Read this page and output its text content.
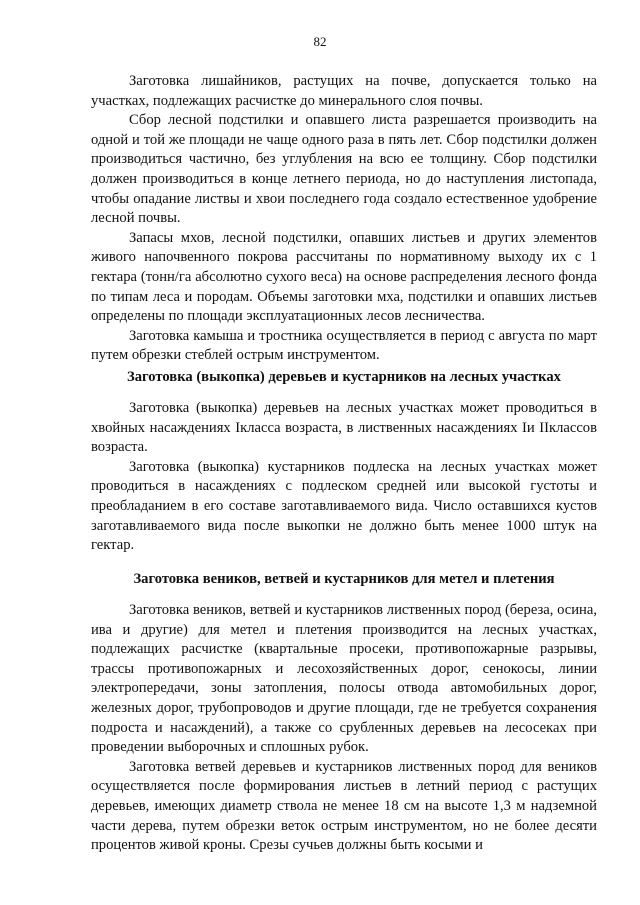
82

Заготовка лишайников, растущих на почве, допускается только на участках, подлежащих расчистке до минерального слоя почвы.

Сбор лесной подстилки и опавшего листа разрешается производить на одной и той же площади не чаще одного раза в пять лет. Сбор подстилки должен производиться частично, без углубления на всю ее толщину. Сбор подстилки должен производиться в конце летнего периода, но до наступления листопада, чтобы опадание листвы и хвои последнего года создало естественное удобрение лесной почвы.

Запасы мхов, лесной подстилки, опавших листьев и других элементов живого напочвенного покрова рассчитаны по нормативному выходу их с 1 гектара (тонн/га абсолютно сухого веса) на основе распределения лесного фонда по типам леса и породам. Объемы заготовки мха, подстилки и опавших листьев определены по площади эксплуатационных лесов лесничества.

Заготовка камыша и тростника осуществляется в период с августа по март путем обрезки стеблей острым инструментом.

Заготовка (выкопка) деревьев и кустарников на лесных участках

Заготовка (выкопка) деревьев на лесных участках может проводиться в хвойных насаждениях Iкласса возраста, в лиственных насаждениях Iи IIклассов возраста.

Заготовка (выкопка) кустарников подлеска на лесных участках может проводиться в насаждениях с подлеском средней или высокой густоты и преобладанием в его составе заготавливаемого вида. Число оставшихся кустов заготавливаемого вида после выкопки не должно быть менее 1000 штук на гектар.

Заготовка веников, ветвей и кустарников для метел и плетения

Заготовка веников, ветвей и кустарников лиственных пород (береза, осина, ива и другие) для метел и плетения производится на лесных участках, подлежащих расчистке (квартальные просеки, противопожарные разрывы, трассы противопожарных и лесохозяйственных дорог, сенокосы, линии электропередачи, зоны затопления, полосы отвода автомобильных дорог, железных дорог, трубопроводов и другие площади, где не требуется сохранения подроста и насаждений), а также со срубленных деревьев на лесосеках при проведении выборочных и сплошных рубок.

Заготовка ветвей деревьев и кустарников лиственных пород для веников осуществляется после формирования листьев в летний период с растущих деревьев, имеющих диаметр ствола не менее 18 см на высоте 1,3 м надземной части дерева, путем обрезки веток острым инструментом, но не более десяти процентов живой кроны. Срезы сучьев должны быть косыми и
